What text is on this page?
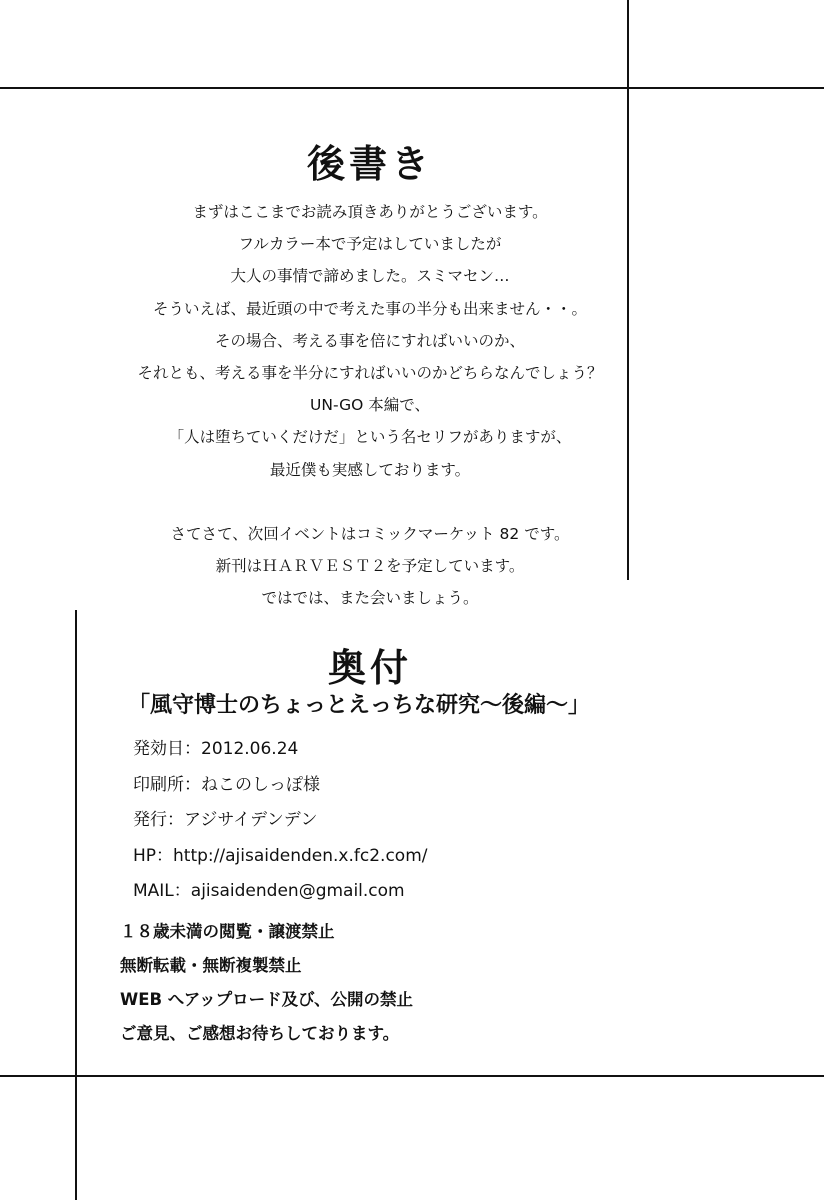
後書き
まずはここまでお読み頂きありがとうございます。
フルカラー本で予定はしていましたが
大人の事情で諦めました。スミマセン…
そういえば、最近頭の中で考えた事の半分も出来ません・・。
その場合、考える事を倍にすればいいのか、
それとも、考える事を半分にすればいいのかどちらなんでしょう？
UN-GO 本編で、
「人は堕ちていくだけだ」という名セリフがありますが、
最近僕も実感しております。
さてさて、次回イベントはコミックマーケット 82 です。
新刊はＨＡＲＶＥＳＴ２を予定しています。
ではでは、また会いましょう。
奥付
「風守博士のちょっとえっちな研究～後編～」
発効日：2012.06.24
印刷所：ねこのしっぽ様
発行：アジサイデンデン
HP：http://ajisaidenden.x.fc2.com/
MAIL：ajisaidenden@gmail.com
１８歳未満の閲覧・譲渡禁止
無断転載・無断複製禁止
WEB へアップロード及び、公開の禁止
ご意見、ご感想お待ちしております。
